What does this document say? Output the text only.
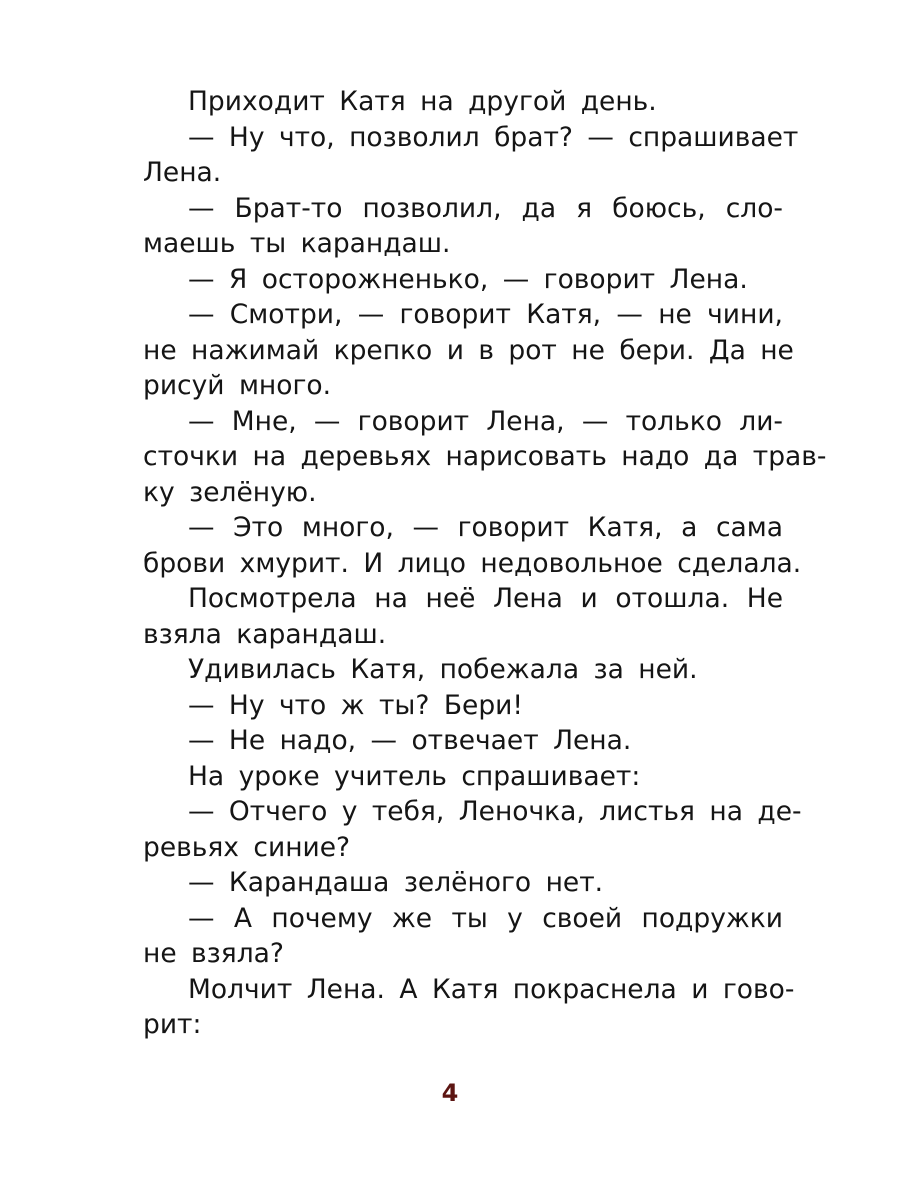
Приходит Катя на другой день.
— Ну что, позволил брат? — спрашивает
Лена.
— Брат-то позволил, да я боюсь, сло-
маешь ты карандаш.
— Я осторожненько, — говорит Лена.
— Смотри, — говорит Катя, — не чини,
не нажимай крепко и в рот не бери. Да не
рисуй много.
— Мне, — говорит Лена, — только ли-
сточки на деревьях нарисовать надо да трав-
ку зелёную.
— Это много, — говорит Катя, а сама
брови хмурит. И лицо недовольное сделала.
Посмотрела на неё Лена и отошла. Не
взяла карандаш.
Удивилась Катя, побежала за ней.
— Ну что ж ты? Бери!
— Не надо, — отвечает Лена.
На уроке учитель спрашивает:
— Отчего у тебя, Леночка, листья на де-
ревьях синие?
— Карандаша зелёного нет.
— А почему же ты у своей подружки
не взяла?
Молчит Лена. А Катя покраснела и гово-
рит:
4
